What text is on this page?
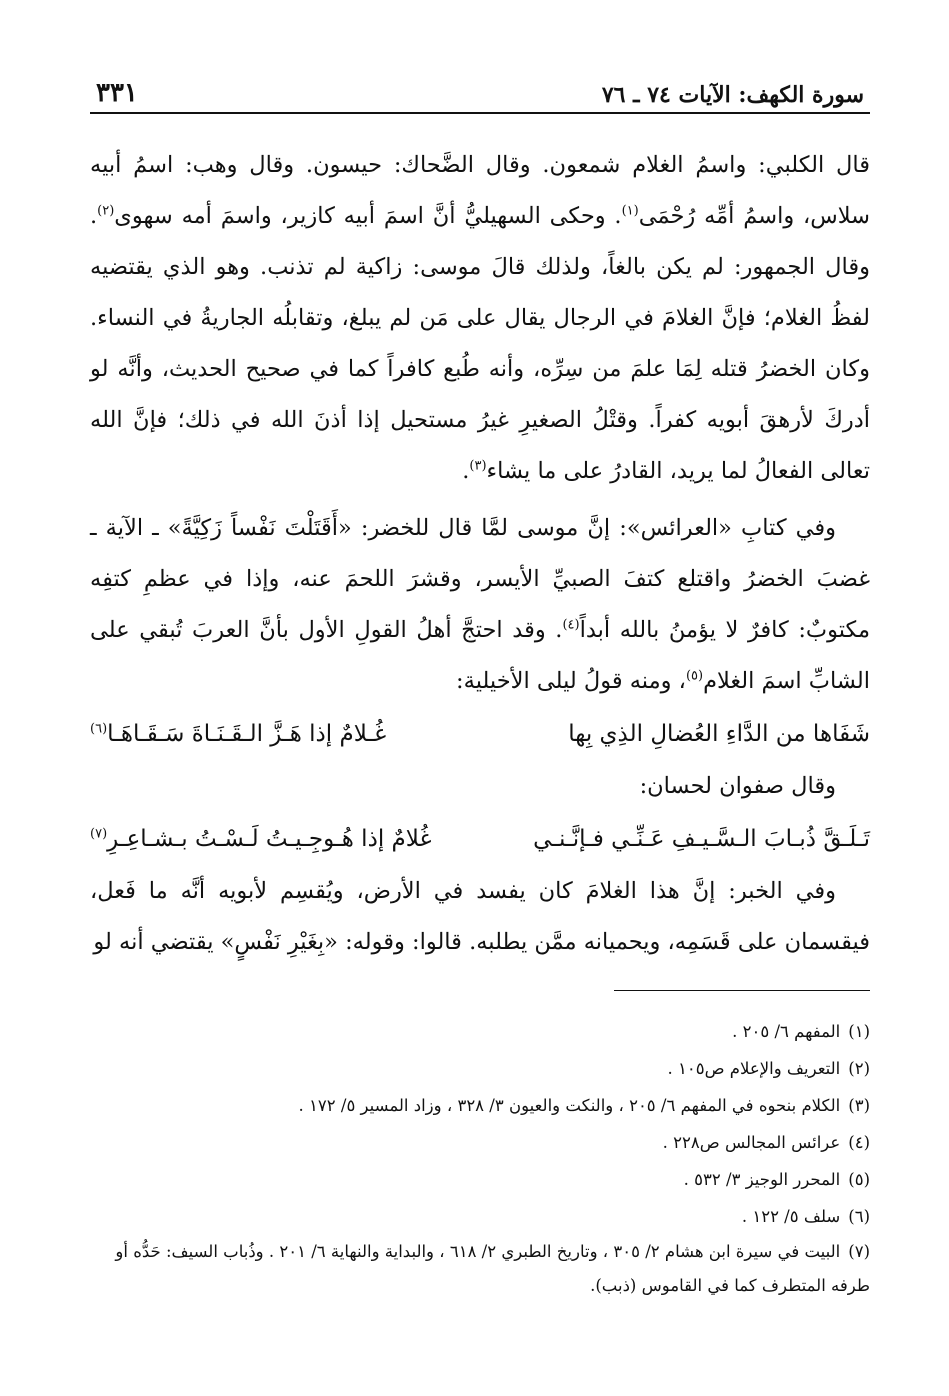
سورة الكهف: الآيات ٧٤ ـ ٧٦
٣٣١

قال الكلبي: واسمُ الغلام شمعون. وقال الضَّحاك: حيسون. وقال وهب: اسمُ أبيه سلاس، واسمُ أمِّه رُحْمَى$^{(١)}$. وحكى السهيليُّ أنَّ اسمَ أبيه كازير، واسمَ أمه سهوى$^{(٢)}$. وقال الجمهور: لم يكن بالغاً، ولذلك قالَ موسى: زاكية لم تذنب. وهو الذي يقتضيه لفظُ الغلام؛ فإنَّ الغلامَ في الرجال يقال على مَن لم يبلغ، وتقابلُه الجاريةُ في النساء. وكان الخضرُ قتله لِمَا علمَ من سِرِّه، وأنه طُبع كافراً كما في صحيح الحديث، وأنَّه لو أدركَ لأرهقَ أبويه كفراً. وقتْلُ الصغيرِ غيرُ مستحيل إذا أذنَ الله في ذلك؛ فإنَّ الله تعالى الفعالُ لما يريد، القادرُ على ما يشاء$^{(٣)}$.

وفي كتابِ «العرائس»: إنَّ موسى لمَّا قال للخضر: «أَقَتَلْتَ نَفْساً زَكِيَّةً» ـ الآية ـ غضبَ الخضرُ واقتلع كتفَ الصبيِّ الأيسر، وقشرَ اللحمَ عنه، وإذا في عظمِ كتفِه مكتوبٌ: كافرٌ لا يؤمنُ بالله أبداً$^{(٤)}$. وقد احتجَّ أهلُ القولِ الأول بأنَّ العربَ تُبقي على الشابِّ اسمَ الغلام$^{(٥)}$، ومنه قولُ ليلى الأخيلية:

شَفَاها من الدَّاءِ العُضالِ الذِي بِها
غُـلامٌ إذا هَـزَّ الـقَـنَـاةَ سَـقَـاهَـا$^{(٦)}$

وقال صفوان لحسان:

تَـلَـقَّ ذُبـابَ الـسَّـيـفِ عَـنِّـي فـإنَّـنـي
غُلامٌ إذا هُـوجِـيـتُ لَـسْـتُ بـشـاعِـرِ$^{(٧)}$

وفي الخبر: إنَّ هذا الغلامَ كان يفسد في الأرض، ويُقسِم لأبويه أنَّه ما فَعل، فيقسمان على قَسَمِه، ويحميانه ممَّن يطلبه. قالوا: وقوله: «بِغَيْرِ نَفْسٍ» يقتضي أنه لو

(١)المفهم ٦/ ٢٠٥ .

(٢)التعريف والإعلام ص١٠٥ .

(٣)الكلام بنحوه في المفهم ٦/ ٢٠٥ ، والنكت والعيون ٣/ ٣٢٨ ، وزاد المسير ٥/ ١٧٢ .

(٤)عرائس المجالس ص٢٢٨ .

(٥)المحرر الوجيز ٣/ ٥٣٢ .

(٦)سلف ٥/ ١٢٢ .

(٧)البيت في سيرة ابن هشام ٢/ ٣٠٥ ، وتاريخ الطبري ٢/ ٦١٨ ، والبداية والنهاية ٦/ ٢٠١ . وذُباب السيف: حَدُّه أو طرفه المتطرف كما في القاموس (ذبب).
